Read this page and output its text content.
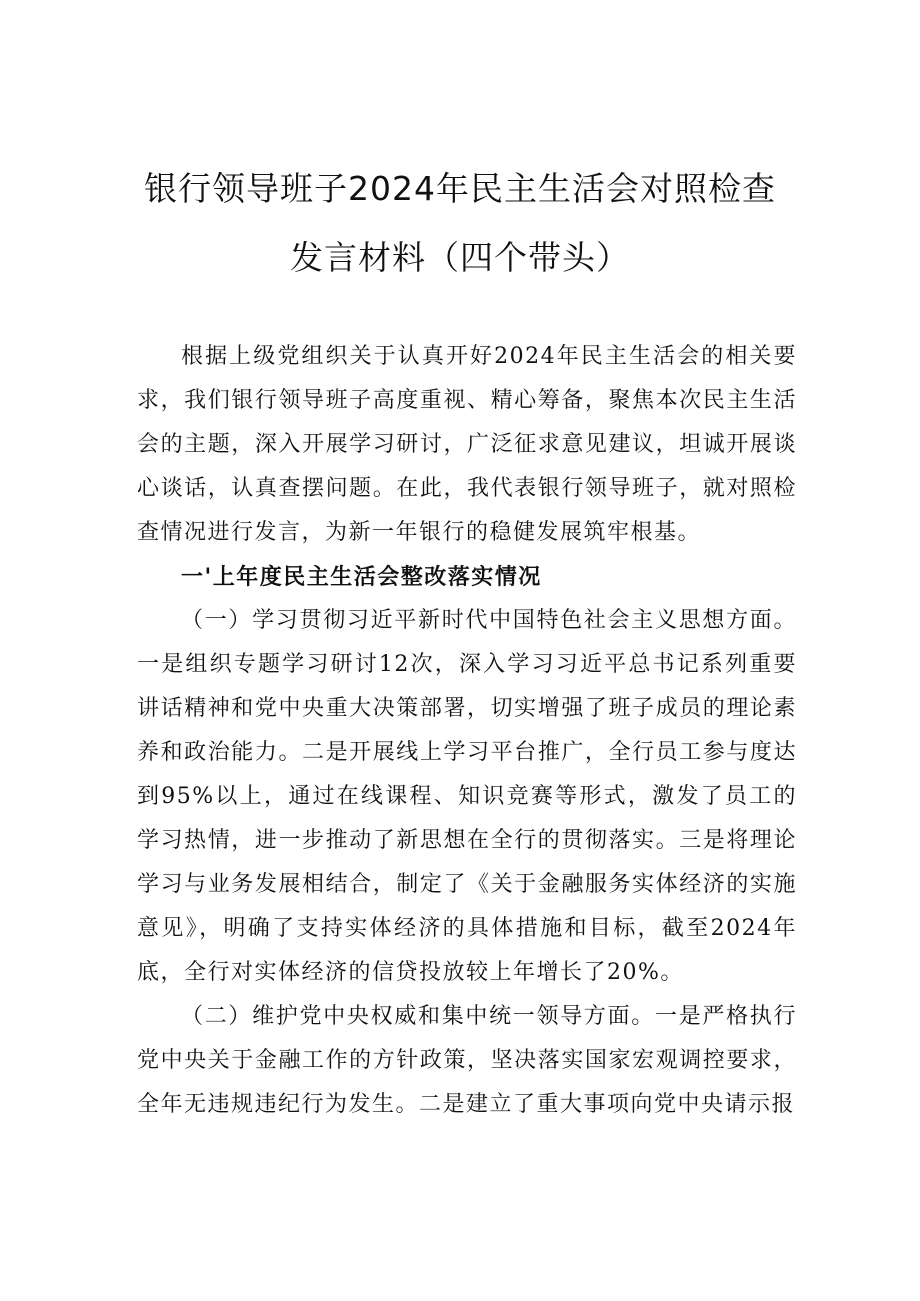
银行领导班子2024年民主生活会对照检查
发言材料（四个带头）

根据上级党组织关于认真开好2024年民主生活会的相关要求，我们银行领导班子高度重视、精心筹备，聚焦本次民主生活会的主题，深入开展学习研讨，广泛征求意见建议，坦诚开展谈心谈话，认真查摆问题。在此，我代表银行领导班子，就对照检查情况进行发言，为新一年银行的稳健发展筑牢根基。

一'上年度民主生活会整改落实情况

（一）学习贯彻习近平新时代中国特色社会主义思想方面。一是组织专题学习研讨12次，深入学习习近平总书记系列重要讲话精神和党中央重大决策部署，切实增强了班子成员的理论素养和政治能力。二是开展线上学习平台推广，全行员工参与度达到95%以上，通过在线课程、知识竞赛等形式，激发了员工的学习热情，进一步推动了新思想在全行的贯彻落实。三是将理论学习与业务发展相结合，制定了《关于金融服务实体经济的实施意见》，明确了支持实体经济的具体措施和目标，截至2024年底，全行对实体经济的信贷投放较上年增长了20%。

（二）维护党中央权威和集中统一领导方面。一是严格执行党中央关于金融工作的方针政策，坚决落实国家宏观调控要求，全年无违规违纪行为发生。二是建立了重大事项向党中央请示报
